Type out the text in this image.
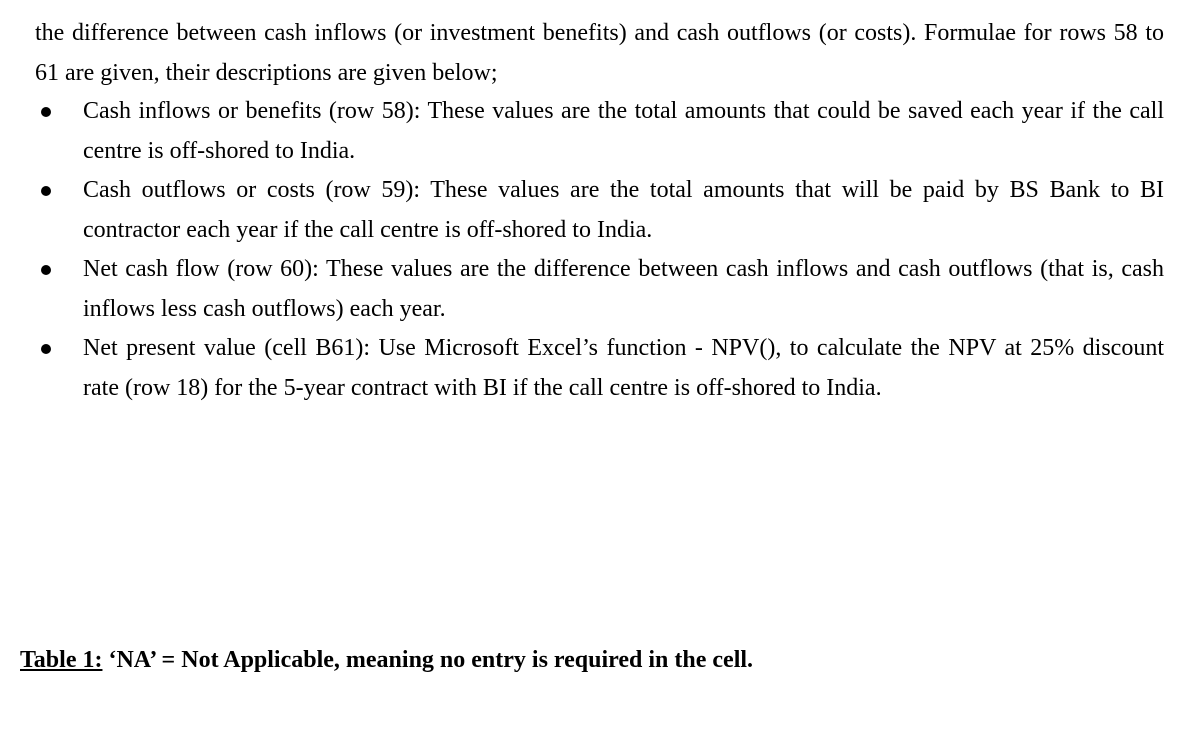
the difference between cash inflows (or investment benefits) and cash outflows (or costs). Formulae for rows 58 to 61 are given, their descriptions are given below;

Cash inflows or benefits (row 58): These values are the total amounts that could be saved each year if the call centre is off-shored to India.
Cash outflows or costs (row 59): These values are the total amounts that will be paid by BS Bank to BI contractor each year if the call centre is off-shored to India.
Net cash flow (row 60): These values are the difference between cash inflows and cash outflows (that is, cash inflows less cash outflows) each year.
Net present value (cell B61): Use Microsoft Excel’s function - NPV(), to calculate the NPV at 25% discount rate (row 18) for the 5-year contract with BI if the call centre is off-shored to India.

Table 1: ‘NA’ = Not Applicable, meaning no entry is required in the cell.
